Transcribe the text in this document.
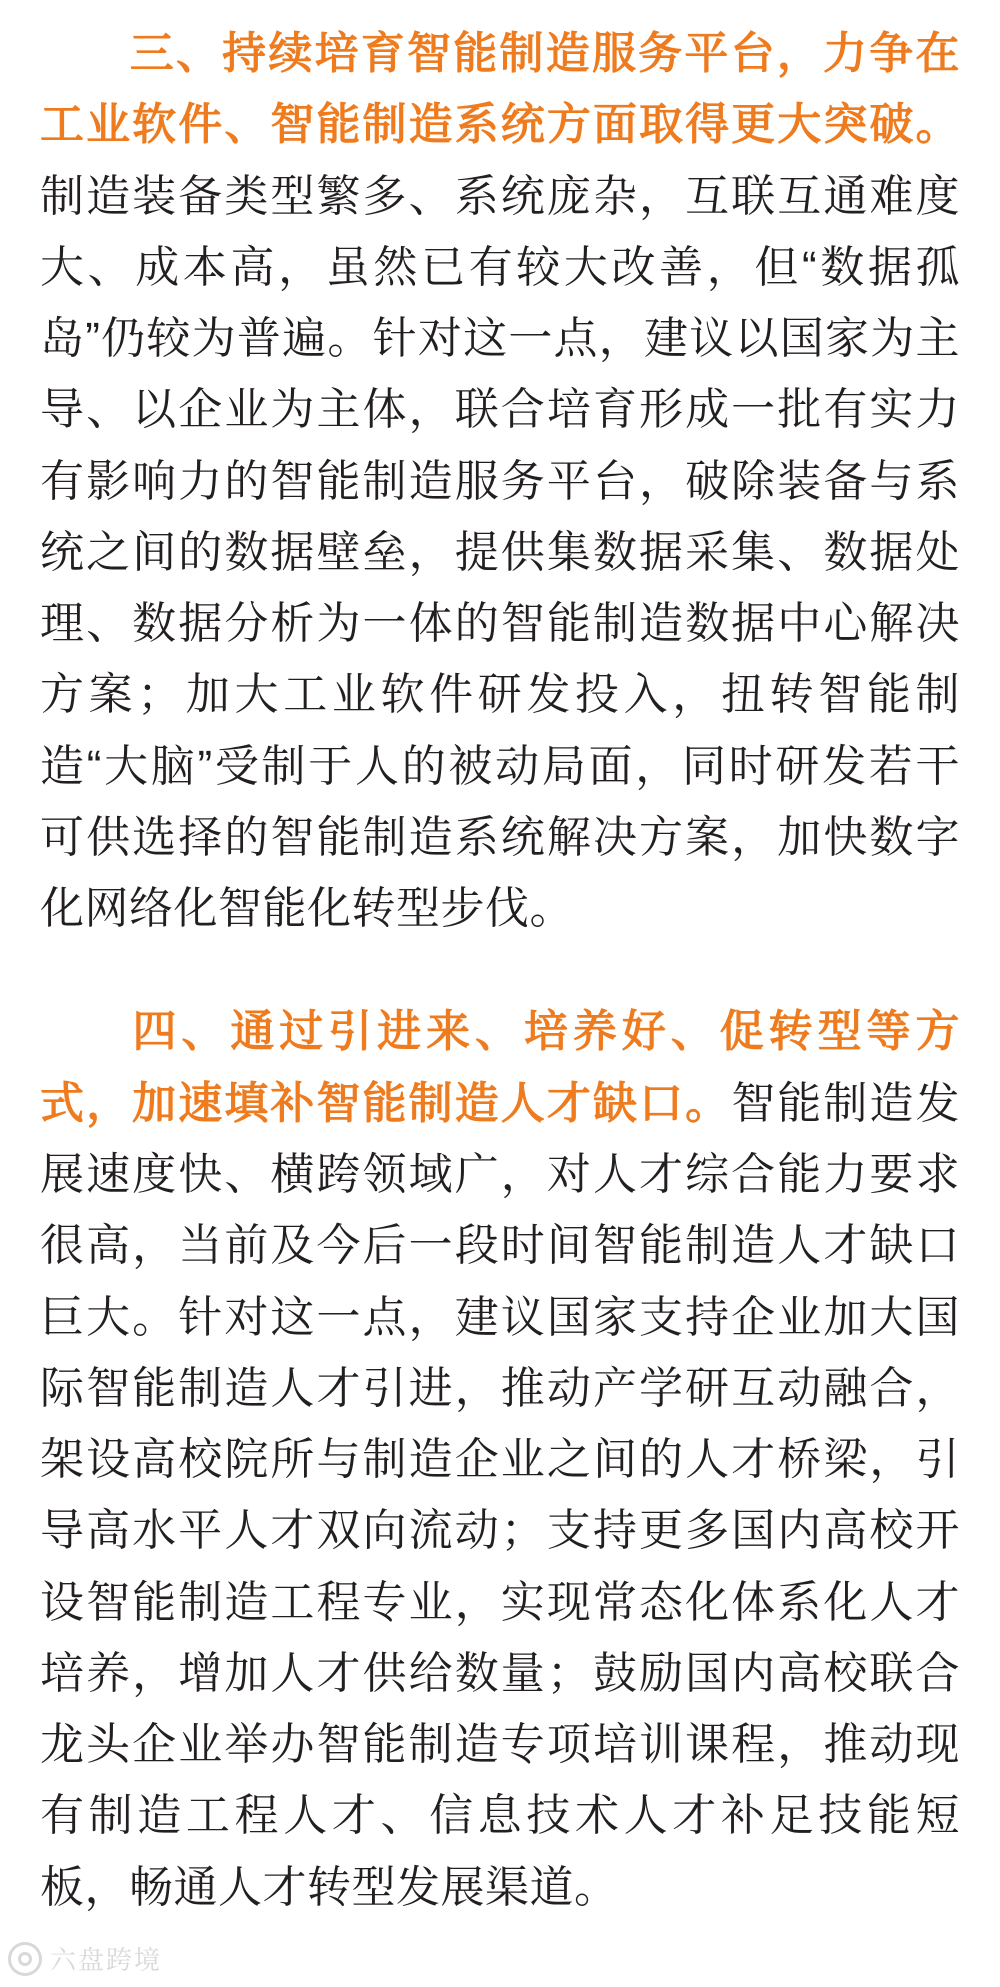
三、持续培育智能制造服务平台，力争在工业软件、智能制造系统方面取得更大突破。制造装备类型繁多、系统庞杂，互联互通难度大、成本高，虽然已有较大改善，但“数据孤岛”仍较为普遍。针对这一点，建议以国家为主导、以企业为主体，联合培育形成一批有实力有影响力的智能制造服务平台，破除装备与系统之间的数据壁垒，提供集数据采集、数据处理、数据分析为一体的智能制造数据中心解决方案；加大工业软件研发投入，扭转智能制造“大脑”受制于人的被动局面，同时研发若干可供选择的智能制造系统解决方案，加快数字化网络化智能化转型步伐。

四、通过引进来、培养好、促转型等方式，加速填补智能制造人才缺口。智能制造发展速度快、横跨领域广，对人才综合能力要求很高，当前及今后一段时间智能制造人才缺口巨大。针对这一点，建议国家支持企业加大国际智能制造人才引进，推动产学研互动融合，架设高校院所与制造企业之间的人才桥梁，引导高水平人才双向流动；支持更多国内高校开设智能制造工程专业，实现常态化体系化人才培养，增加人才供给数量；鼓励国内高校联合龙头企业举办智能制造专项培训课程，推动现有制造工程人才、信息技术人才补足技能短板，畅通人才转型发展渠道。

六盘跨境
